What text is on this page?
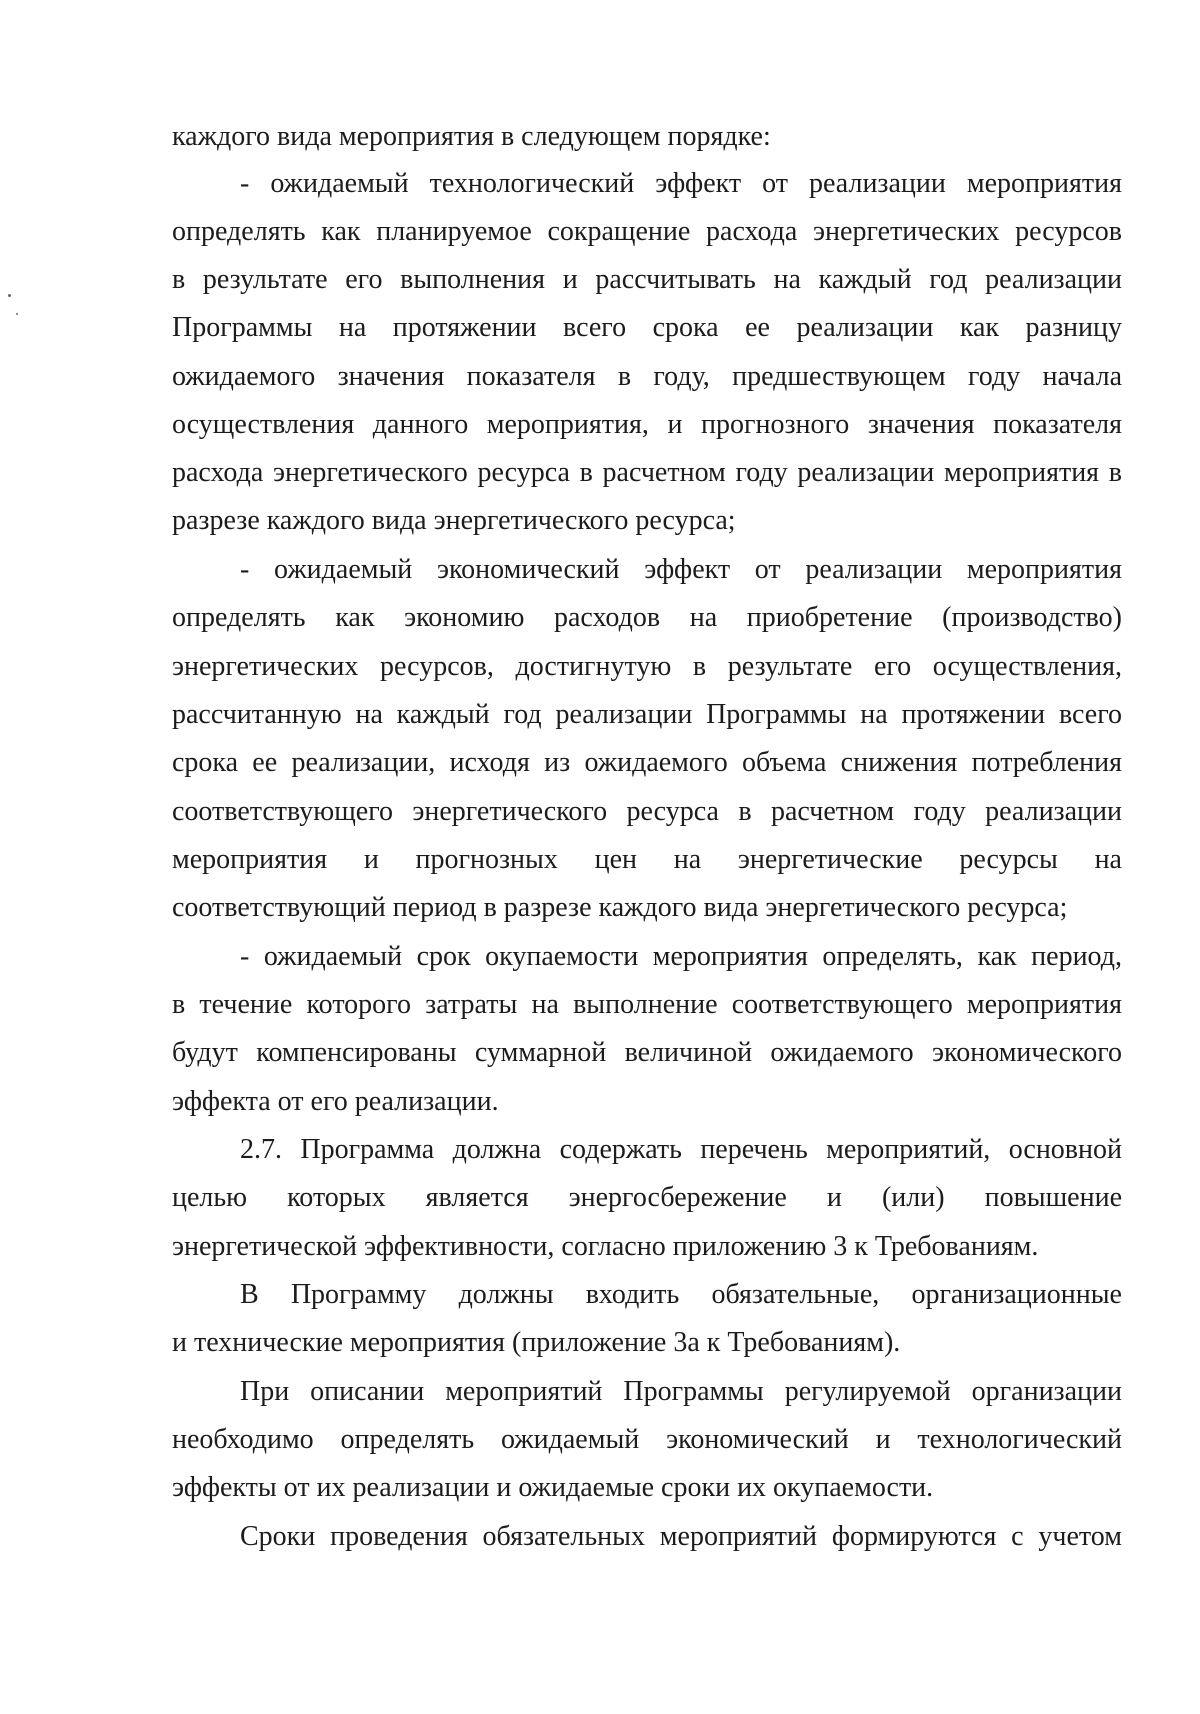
каждого вида мероприятия в следующем порядке:

- ожидаемый технологический эффект от реализации мероприятия

определять как планируемое сокращение расхода энергетических ресурсов

в результате его выполнения и рассчитывать на каждый год реализации

Программы на протяжении всего срока ее реализации как разницу

ожидаемого значения показателя в году, предшествующем году начала

осуществления данного мероприятия, и прогнозного значения показателя

расхода энергетического ресурса в расчетном году реализации мероприятия в

разрезе каждого вида энергетического ресурса;

- ожидаемый экономический эффект от реализации мероприятия

определять как экономию расходов на приобретение (производство)

энергетических ресурсов, достигнутую в результате его осуществления,

рассчитанную на каждый год реализации Программы на протяжении всего

срока ее реализации, исходя из ожидаемого объема снижения потребления

соответствующего энергетического ресурса в расчетном году реализации

мероприятия и прогнозных цен на энергетические ресурсы на

соответствующий период в разрезе каждого вида энергетического ресурса;

- ожидаемый срок окупаемости мероприятия определять, как период,

в течение которого затраты на выполнение соответствующего мероприятия

будут компенсированы суммарной величиной ожидаемого экономического

эффекта от его реализации.

2.7. Программа должна содержать перечень мероприятий, основной

целью которых является энергосбережение и (или) повышение

энергетической эффективности, согласно приложению 3 к Требованиям.

В Программу должны входить обязательные, организационные

и технические мероприятия (приложение 3а к Требованиям).

При описании мероприятий Программы регулируемой организации

необходимо определять ожидаемый экономический и технологический

эффекты от их реализации и ожидаемые сроки их окупаемости.

Сроки проведения обязательных мероприятий формируются с учетом
